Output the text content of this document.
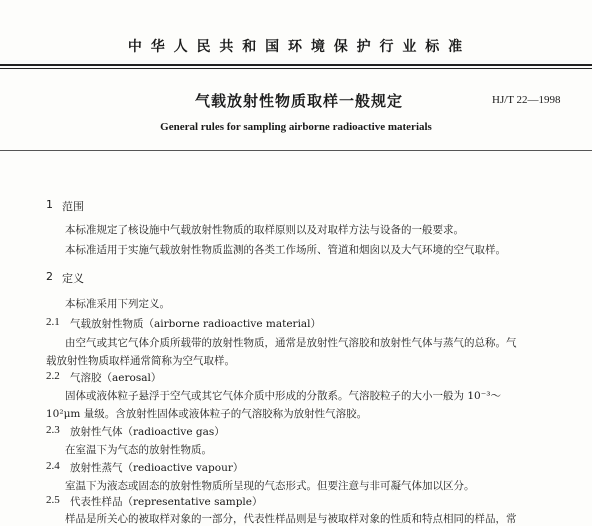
中 华 人 民 共 和 国 环 境 保 护 行 业 标 准
气载放射性物质取样一般规定	HJ/T 22—1998
General rules for sampling airborne radioactive materials
1 范围
本标准规定了核设施中气载放射性物质的取样原则以及对取样方法与设备的一般要求。
本标准适用于实施气载放射性物质监测的各类工作场所、管道和烟囱以及大气环境的空气取样。
2 定义
本标准采用下列定义。
2.1 气载放射性物质（airborne radioactive material）
由空气或其它气体介质所载带的放射性物质，通常是放射性气溶胶和放射性气体与蒸气的总称。气
载放射性物质取样通常简称为空气取样。
2.2 气溶胶（aerosal）
固体或液体粒子悬浮于空气或其它气体介质中形成的分散系。气溶胶粒子的大小一般为 10⁻³～
10²μm 量级。含放射性固体或液体粒子的气溶胶称为放射性气溶胶。
2.3 放射性气体（radioactive gas）
在室温下为气态的放射性物质。
2.4 放射性蒸气（redioactive vapour）
室温下为液态或固态的放射性物质所呈现的气态形式。但要注意与非可凝气体加以区分。
2.5 代表性样品（representative sample）
样品是所关心的被取样对象的一部分，代表性样品则是与被取样对象的性质和特点相同的样品，常
